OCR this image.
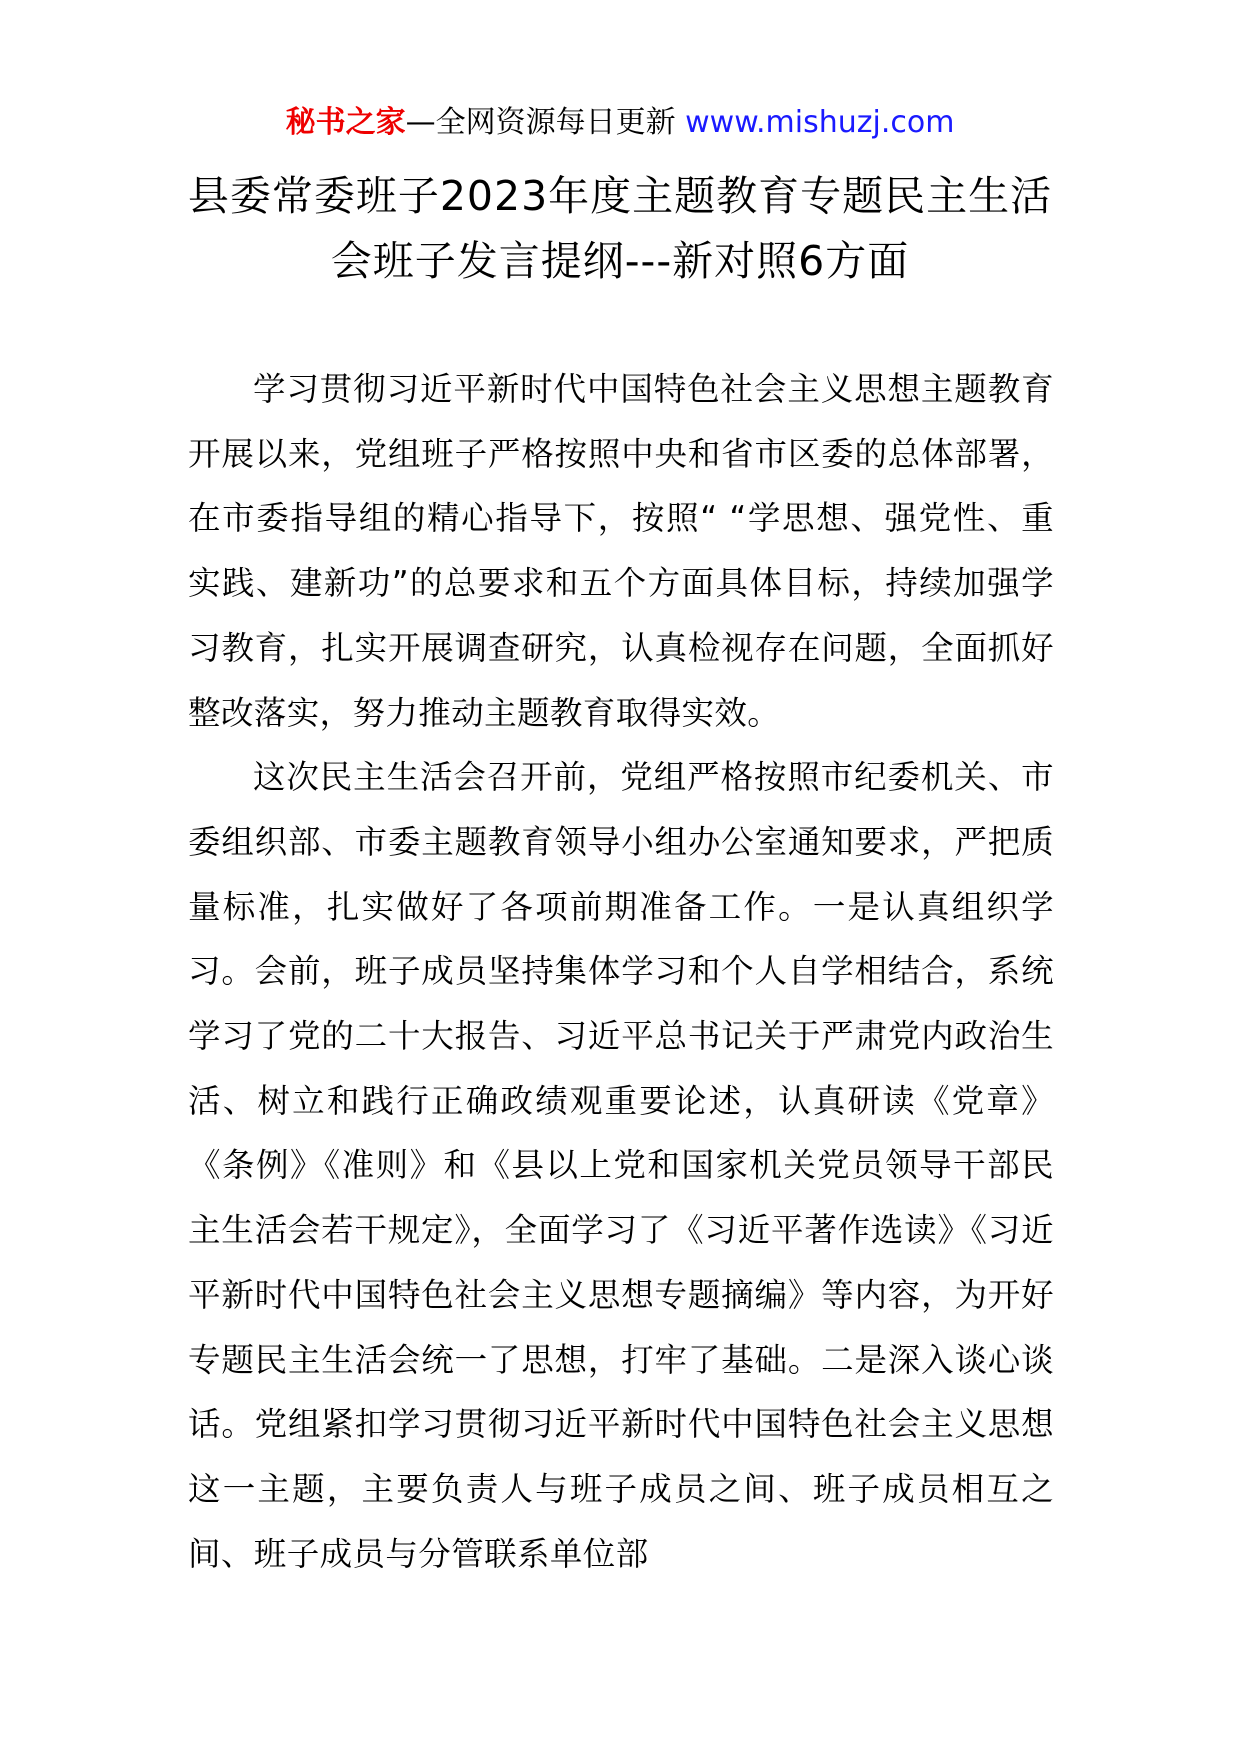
秘书之家—全网资源每日更新 www.mishuzj.com
县委常委班子2023年度主题教育专题民主生活
会班子发言提纲---新对照6方面

学习贯彻习近平新时代中国特色社会主义思想主题教育开展以来，党组班子严格按照中央和省市区委的总体部署，在市委指导组的精心指导下，按照“ “学思想、强党性、重实践、建新功”的总要求和五个方面具体目标，持续加强学习教育，扎实开展调查研究，认真检视存在问题，全面抓好整改落实，努力推动主题教育取得实效。

这次民主生活会召开前，党组严格按照市纪委机关、市委组织部、市委主题教育领导小组办公室通知要求，严把质量标准，扎实做好了各项前期准备工作。一是认真组织学习。会前，班子成员坚持集体学习和个人自学相结合，系统学习了党的二十大报告、习近平总书记关于严肃党内政治生活、树立和践行正确政绩观重要论述，认真研读《党章》《条例》《准则》和《县以上党和国家机关党员领导干部民主生活会若干规定》，全面学习了《习近平著作选读》《习近平新时代中国特色社会主义思想专题摘编》等内容，为开好专题民主生活会统一了思想，打牢了基础。二是深入谈心谈话。党组紧扣学习贯彻习近平新时代中国特色社会主义思想这一主题，主要负责人与班子成员之间、班子成员相互之间、班子成员与分管联系单位部
